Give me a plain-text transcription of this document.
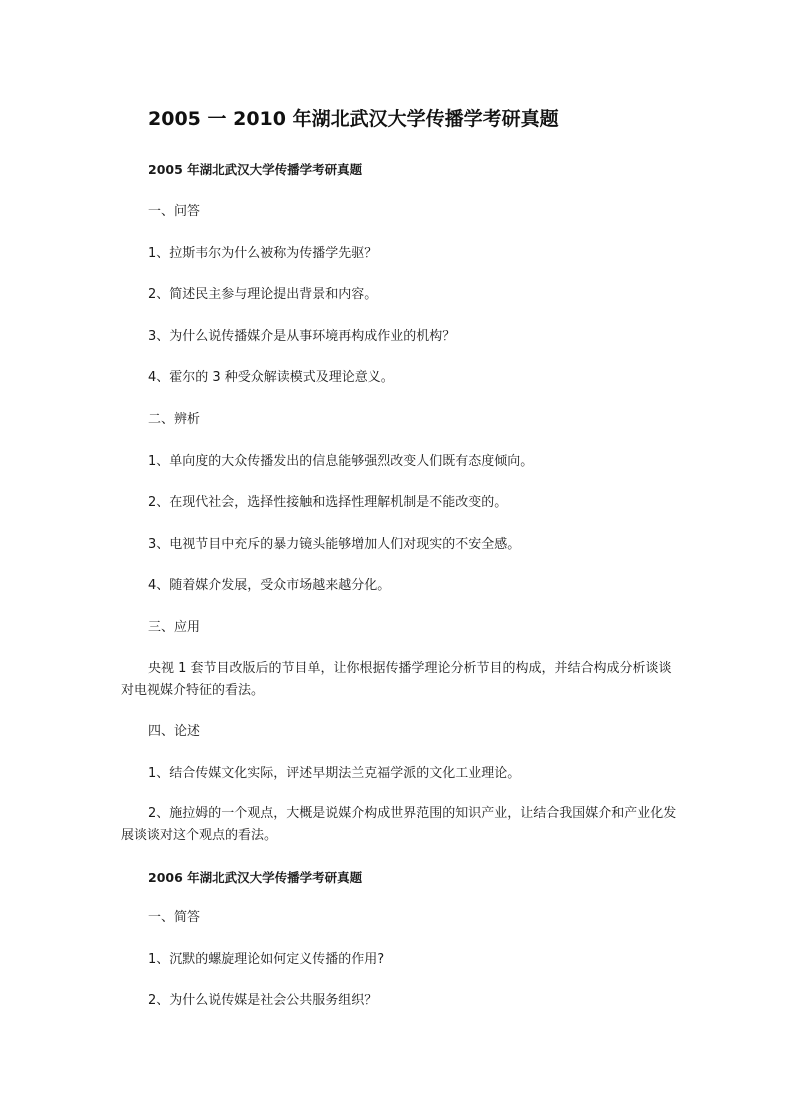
2005 一 2010 年湖北武汉大学传播学考研真题
2005 年湖北武汉大学传播学考研真题
一、问答
1、拉斯韦尔为什么被称为传播学先驱？
2、简述民主参与理论提出背景和内容。
3、为什么说传播媒介是从事环境再构成作业的机构？
4、霍尔的 3 种受众解读模式及理论意义。
二、辨析
1、单向度的大众传播发出的信息能够强烈改变人们既有态度倾向。
2、在现代社会，选择性接触和选择性理解机制是不能改变的。
3、电视节目中充斥的暴力镜头能够增加人们对现实的不安全感。
4、随着媒介发展，受众市场越来越分化。
三、应用
央视 1 套节目改版后的节目单，让你根据传播学理论分析节目的构成，并结合构成分析谈谈对电视媒介特征的看法。
四、论述
1、结合传媒文化实际，评述早期法兰克福学派的文化工业理论。
2、施拉姆的一个观点，大概是说媒介构成世界范围的知识产业，让结合我国媒介和产业化发展谈谈对这个观点的看法。
2006 年湖北武汉大学传播学考研真题
一、简答
1、沉默的螺旋理论如何定义传播的作用?
2、为什么说传媒是社会公共服务组织？
